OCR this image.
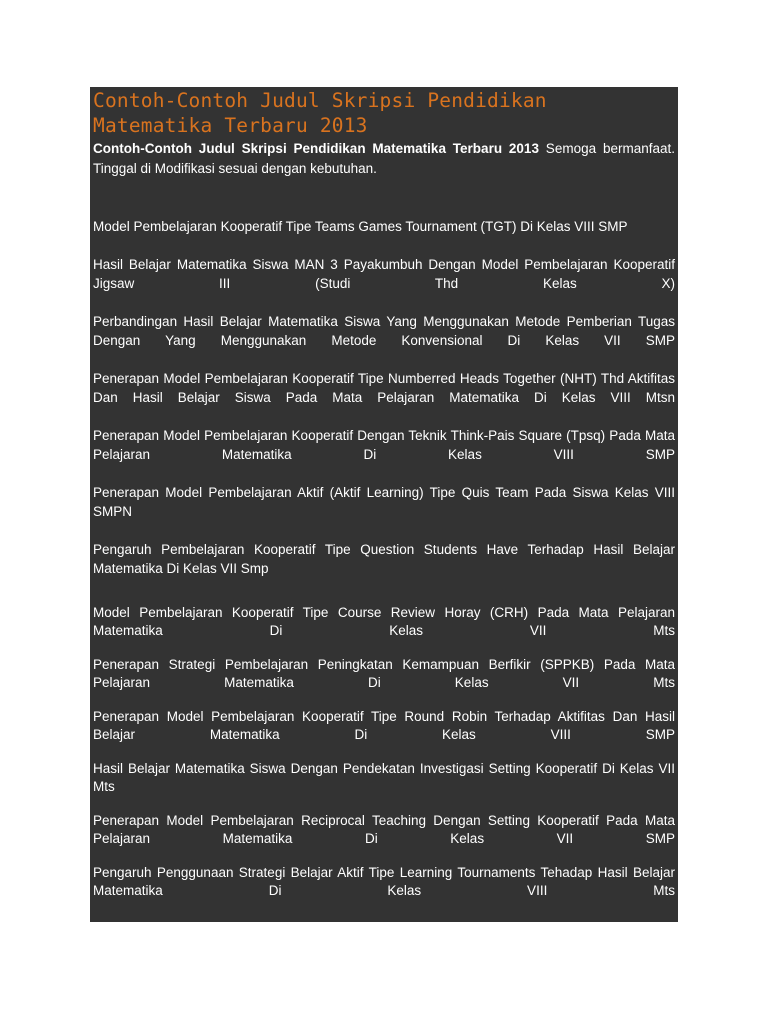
Contoh-Contoh Judul Skripsi Pendidikan Matematika Terbaru 2013

Contoh-Contoh Judul Skripsi Pendidikan Matematika Terbaru 2013 Semoga bermanfaat. Tinggal di Modifikasi sesuai dengan kebutuhan.

Model Pembelajaran Kooperatif Tipe Teams Games Tournament (TGT) Di Kelas VIII SMP
Hasil Belajar Matematika Siswa MAN 3 Payakumbuh Dengan Model Pembelajaran Kooperatif Jigsaw III (Studi Thd Kelas X)
Perbandingan Hasil Belajar Matematika Siswa Yang Menggunakan Metode Pemberian Tugas Dengan Yang Menggunakan Metode Konvensional Di Kelas VII SMP
Penerapan Model Pembelajaran Kooperatif Tipe Numberred Heads Together (NHT) Thd Aktifitas Dan Hasil Belajar Siswa Pada Mata Pelajaran Matematika Di Kelas VIII Mtsn
Penerapan Model Pembelajaran Kooperatif Dengan Teknik Think-Pais Square (Tpsq) Pada Mata Pelajaran Matematika Di Kelas VIII SMP
Penerapan Model Pembelajaran Aktif (Aktif Learning) Tipe Quis Team Pada Siswa Kelas VIII SMPN
Pengaruh Pembelajaran Kooperatif Tipe Question Students Have Terhadap Hasil Belajar Matematika Di Kelas VII Smp
Model Pembelajaran Kooperatif Tipe Course Review Horay (CRH) Pada Mata Pelajaran Matematika Di Kelas VII Mts
Penerapan Strategi Pembelajaran Peningkatan Kemampuan Berfikir (SPPKB) Pada Mata Pelajaran Matematika Di Kelas VII Mts
Penerapan Model Pembelajaran Kooperatif Tipe Round Robin Terhadap Aktifitas Dan Hasil Belajar Matematika Di Kelas VIII SMP
Hasil Belajar Matematika Siswa Dengan Pendekatan Investigasi Setting Kooperatif Di Kelas VII Mts
Penerapan Model Pembelajaran Reciprocal Teaching Dengan Setting Kooperatif Pada Mata Pelajaran Matematika Di Kelas VII SMP
Pengaruh Penggunaan Strategi Belajar Aktif Tipe Learning Tournaments Tehadap Hasil Belajar Matematika Di Kelas VIII Mts
